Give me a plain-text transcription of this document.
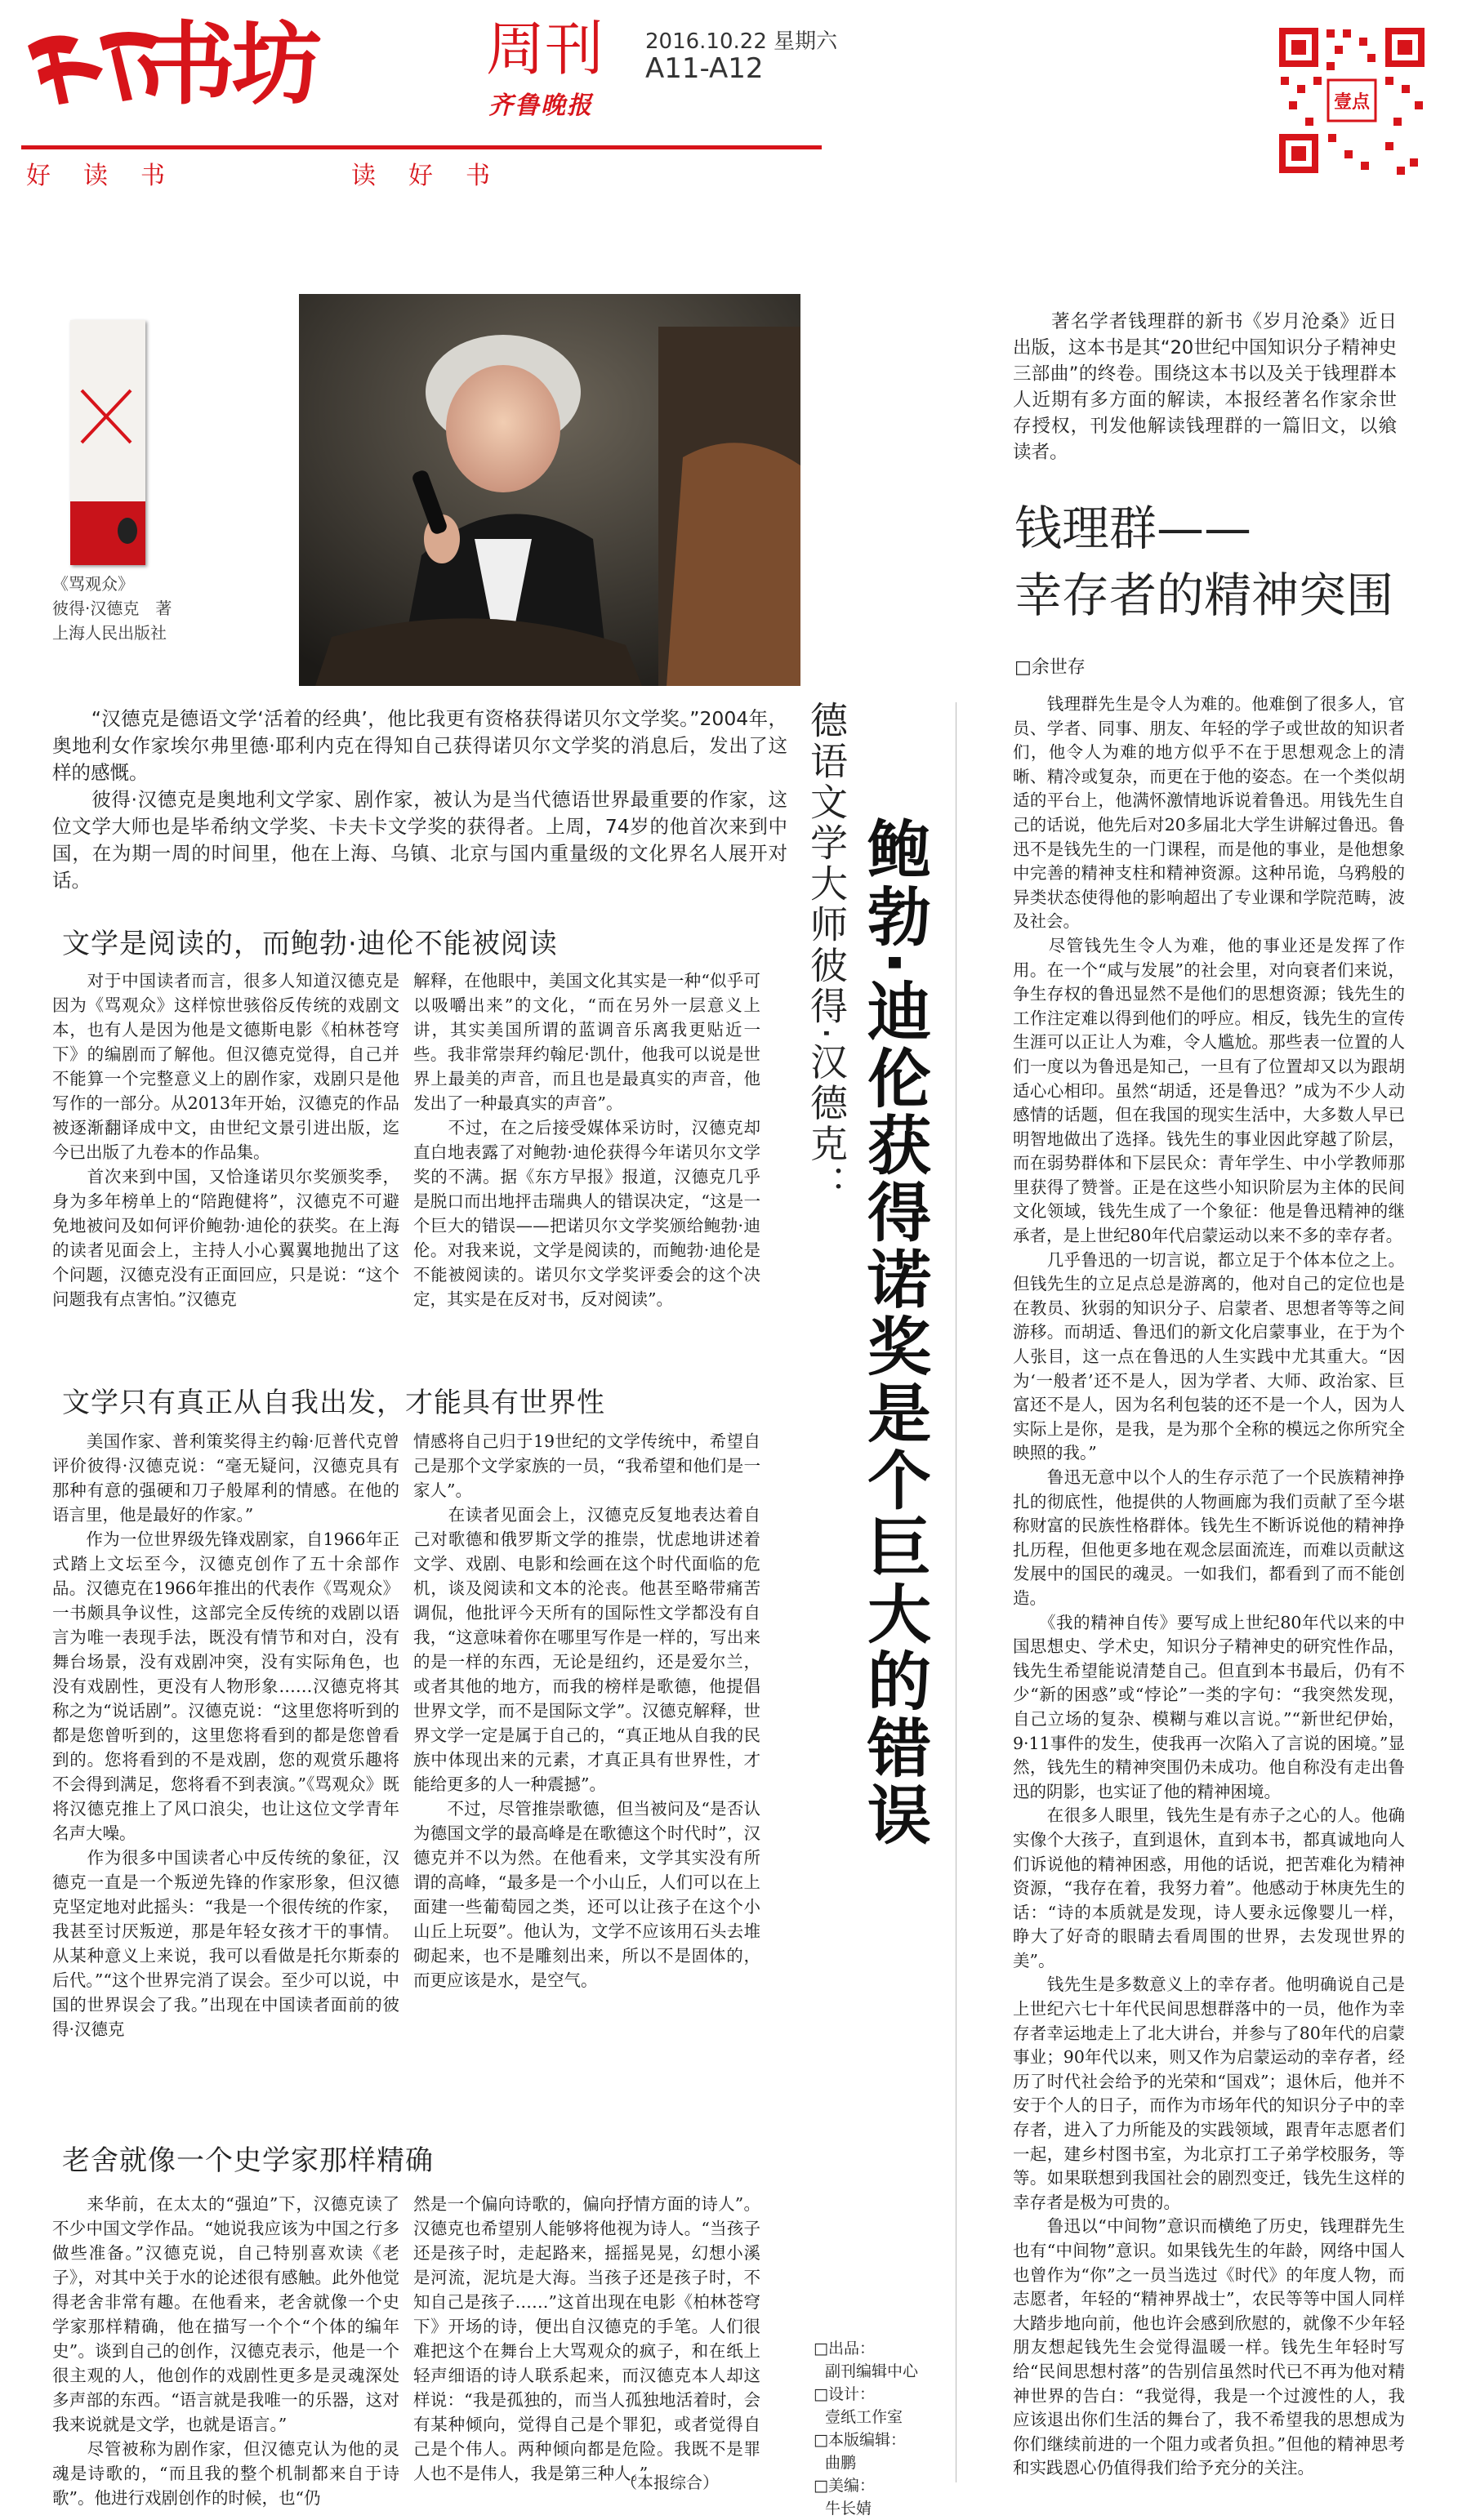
书坊	周刊
齐鲁晚报
2016.10.22 星期六
A11-A12
好读书	读好书
壹点
《骂观众》
彼得·汉德克　著
上海人民出版社
　　“汉德克是德语文学‘活着的经典’，他比我更有资格获得诺贝尔文学奖。”2004年，奥地利女作家埃尔弗里德·耶利内克在得知自己获得诺贝尔文学奖的消息后，发出了这样的感慨。
　　彼得·汉德克是奥地利文学家、剧作家，被认为是当代德语世界最重要的作家，这位文学大师也是毕希纳文学奖、卡夫卡文学奖的获得者。上周，74岁的他首次来到中国，在为期一周的时间里，他在上海、乌镇、北京与国内重量级的文化界名人展开对话。	德语文学大师彼得·汉德克： 鲍勃·迪伦获得诺奖是个巨大的错误
文学是阅读的，而鲍勃·迪伦不能被阅读
　　对于中国读者而言，很多人知道汉德克是因为《骂观众》这样惊世骇俗反传统的戏剧文本，也有人是因为他是文德斯电影《柏林苍穹下》的编剧而了解他。但汉德克觉得，自己并不能算一个完整意义上的剧作家，戏剧只是他写作的一部分。从2013年开始，汉德克的作品被逐渐翻译成中文，由世纪文景引进出版，迄今已出版了九卷本的作品集。
　　首次来到中国，又恰逢诺贝尔奖颁奖季，身为多年榜单上的“陪跑健将”，汉德克不可避免地被问及如何评价鲍勃·迪伦的获奖。在上海的读者见面会上，主持人小心翼翼地抛出了这个问题，汉德克没有正面回应，只是说：“这个问题我有点害怕。”汉德克
解释，在他眼中，美国文化其实是一种“似乎可以吸嚼出来”的文化，“而在另外一层意义上讲，其实美国所谓的蓝调音乐离我更贴近一些。我非常崇拜约翰尼·凯什，他我可以说是世界上最美的声音，而且也是最真实的声音，他发出了一种最真实的声音”。
　　不过，在之后接受媒体采访时，汉德克却直白地表露了对鲍勃·迪伦获得今年诺贝尔文学奖的不满。据《东方早报》报道，汉德克几乎是脱口而出地抨击瑞典人的错误决定，“这是一个巨大的错误——把诺贝尔文学奖颁给鲍勃·迪伦。对我来说，文学是阅读的，而鲍勃·迪伦是不能被阅读的。诺贝尔文学奖评委会的这个决定，其实是在反对书，反对阅读”。
文学只有真正从自我出发，才能具有世界性
　　美国作家、普利策奖得主约翰·厄普代克曾评价彼得·汉德克说：“毫无疑问，汉德克具有那种有意的强硬和刀子般犀利的情感。在他的语言里，他是最好的作家。”
　　作为一位世界级先锋戏剧家，自1966年正式踏上文坛至今，汉德克创作了五十余部作品。汉德克在1966年推出的代表作《骂观众》一书颇具争议性，这部完全反传统的戏剧以语言为唯一表现手法，既没有情节和对白，没有舞台场景，没有戏剧冲突，没有实际角色，也没有戏剧性，更没有人物形象……汉德克将其称之为“说话剧”。汉德克说：“这里您将听到的都是您曾听到的，这里您将看到的都是您曾看到的。您将看到的不是戏剧，您的观赏乐趣将不会得到满足，您将看不到表演。”《骂观众》既将汉德克推上了风口浪尖，也让这位文学青年名声大噪。
　　作为很多中国读者心中反传统的象征，汉德克一直是一个叛逆先锋的作家形象，但汉德克坚定地对此摇头：“我是一个很传统的作家，我甚至讨厌叛逆，那是年轻女孩才干的事情。从某种意义上来说，我可以看做是托尔斯泰的后代。”“这个世界完消了误会。至少可以说，中国的世界误会了我。”出现在中国读者面前的彼得·汉德克
情感将自己归于19世纪的文学传统中，希望自己是那个文学家族的一员，“我希望和他们是一家人”。
　　在读者见面会上，汉德克反复地表达着自己对歌德和俄罗斯文学的推崇，忧虑地讲述着文学、戏剧、电影和绘画在这个时代面临的危机，谈及阅读和文本的沦丧。他甚至略带痛苦调侃，他批评今天所有的国际性文学都没有自我，“这意味着你在哪里写作是一样的，写出来的是一样的东西，无论是纽约，还是爱尔兰，或者其他的地方，而我的榜样是歌德，他提倡世界文学，而不是国际文学”。汉德克解释，世界文学一定是属于自己的，“真正地从自我的民族中体现出来的元素，才真正具有世界性，才能给更多的人一种震撼”。
　　不过，尽管推崇歌德，但当被问及“是否认为德国文学的最高峰是在歌德这个时代时”，汉德克并不以为然。在他看来，文学其实没有所谓的高峰，“最多是一个小山丘，人们可以在上面建一些葡萄园之类，还可以让孩子在这个小山丘上玩耍”。他认为，文学不应该用石头去堆砌起来，也不是雕刻出来，所以不是固体的，而更应该是水，是空气。
老舍就像一个史学家那样精确
　　来华前，在太太的“强迫”下，汉德克读了不少中国文学作品。“她说我应该为中国之行多做些准备。”汉德克说，自己特别喜欢读《老子》，对其中关于水的论述很有感触。此外他觉得老舍非常有趣。在他看来，老舍就像一个史学家那样精确，他在描写一个个“个体的编年史”。谈到自己的创作，汉德克表示，他是一个很主观的人，他创作的戏剧性更多是灵魂深处多声部的东西。“语言就是我唯一的乐器，这对我来说就是文学，也就是语言。”
　　尽管被称为剧作家，但汉德克认为他的灵魂是诗歌的，“而且我的整个机制都来自于诗歌”。他进行戏剧创作的时候，也“仍
然是一个偏向诗歌的，偏向抒情方面的诗人”。汉德克也希望别人能够将他视为诗人。“当孩子还是孩子时，走起路来，摇摇晃晃，幻想小溪是河流，泥坑是大海。当孩子还是孩子时，不知自己是孩子……”这首出现在电影《柏林苍穹下》开场的诗，便出自汉德克的手笔。人们很难把这个在舞台上大骂观众的疯子，和在纸上轻声细语的诗人联系起来，而汉德克本人却这样说：“我是孤独的，而当人孤独地活着时，会有某种倾向，觉得自己是个罪犯，或者觉得自己是个伟人。两种倾向都是危险。我既不是罪人也不是伟人，我是第三种人。”
（本报综合）
□出品：
副刊编辑中心
□设计：
壹纸工作室
□本版编辑：
曲鹏
□美编：
牛长婧
　　著名学者钱理群的新书《岁月沧桑》近日出版，这本书是其“20世纪中国知识分子精神史三部曲”的终卷。围绕这本书以及关于钱理群本人近期有多方面的解读，本报经著名作家余世存授权，刊发他解读钱理群的一篇旧文，以飨读者。
钱理群——
幸存者的精神突围
□余世存
　　钱理群先生是令人为难的。他难倒了很多人，官员、学者、同事、朋友、年轻的学子或世故的知识者们，他令人为难的地方似乎不在于思想观念上的清晰、精冷或复杂，而更在于他的姿态。在一个类似胡适的平台上，他满怀激情地诉说着鲁迅。用钱先生自己的话说，他先后对20多届北大学生讲解过鲁迅。鲁迅不是钱先生的一门课程，而是他的事业，是他想象中完善的精神支柱和精神资源。这种吊诡，乌鸦般的异类状态使得他的影响超出了专业课和学院范畴，波及社会。
　　尽管钱先生令人为难，他的事业还是发挥了作用。在一个“咸与发展”的社会里，对向衰者们来说，争生存权的鲁迅显然不是他们的思想资源；钱先生的工作注定难以得到他们的呼应。相反，钱先生的宣传生涯可以正让人为难，令人尴尬。那些表一位置的人们一度以为鲁迅是知己，一旦有了位置却又以为跟胡适心心相印。虽然“胡适，还是鲁迅？”成为不少人动感情的话题，但在我国的现实生活中，大多数人早已明智地做出了选择。钱先生的事业因此穿越了阶层，而在弱势群体和下层民众：青年学生、中小学教师那里获得了赞誉。正是在这些小知识阶层为主体的民间文化领域，钱先生成了一个象征：他是鲁迅精神的继承者，是上世纪80年代启蒙运动以来不多的幸存者。
　　几乎鲁迅的一切言说，都立足于个体本位之上。但钱先生的立足点总是游离的，他对自己的定位也是在教员、狄弱的知识分子、启蒙者、思想者等等之间游移。而胡适、鲁迅们的新文化启蒙事业，在于为个人张目，这一点在鲁迅的人生实践中尤其重大。“因为‘一般者’还不是人，因为学者、大师、政治家、巨富还不是人，因为名利包装的还不是一个人，因为人实际上是你，是我，是为那个全称的模远之你所究全映照的我。”
　　鲁迅无意中以个人的生存示范了一个民族精神挣扎的彻底性，他提供的人物画廊为我们贡献了至今堪称财富的民族性格群体。钱先生不断诉说他的精神挣扎历程，但他更多地在观念层面流连，而难以贡献这发展中的国民的魂灵。一如我们，都看到了而不能创造。
　　《我的精神自传》要写成上世纪80年代以来的中国思想史、学术史，知识分子精神史的研究性作品，钱先生希望能说清楚自己。但直到本书最后，仍有不少“新的困惑”或“悖论”一类的字句：“我突然发现，自己立场的复杂、模糊与难以言说。”“新世纪伊始，9·11事件的发生，使我再一次陷入了言说的困境。”显然，钱先生的精神突围仍未成功。他自称没有走出鲁迅的阴影，也实证了他的精神困境。
　　在很多人眼里，钱先生是有赤子之心的人。他确实像个大孩子，直到退休，直到本书，都真诚地向人们诉说他的精神困惑，用他的话说，把苦难化为精神资源，“我存在着，我努力着”。他感动于林庚先生的话：“诗的本质就是发现，诗人要永远像婴儿一样，睁大了好奇的眼睛去看周围的世界，去发现世界的美”。
　　钱先生是多数意义上的幸存者。他明确说自己是上世纪六七十年代民间思想群落中的一员，他作为幸存者幸运地走上了北大讲台，并参与了80年代的启蒙事业；90年代以来，则又作为启蒙运动的幸存者，经历了时代社会给予的光荣和“国戏”；退休后，他并不安于个人的日子，而作为市场年代的知识分子中的幸存者，进入了力所能及的实践领域，跟青年志愿者们一起，建乡村图书室，为北京打工子弟学校服务，等等。如果联想到我国社会的剧烈变迁，钱先生这样的幸存者是极为可贵的。
　　鲁迅以“中间物”意识而横绝了历史，钱理群先生也有“中间物”意识。如果钱先生的年龄，网络中国人也曾作为“你”之一员当选过《时代》的年度人物，而志愿者，年轻的“精神界战士”，农民等等中国人同样大踏步地向前，他也许会感到欣慰的，就像不少年轻朋友想起钱先生会觉得温暖一样。钱先生年轻时写给“民间思想村落”的告别信虽然时代已不再为他对精神世界的告白：“我觉得，我是一个过渡性的人，我应该退出你们生活的舞台了，我不希望我的思想成为你们继续前进的一个阻力或者负担。”但他的精神思考和实践恩心仍值得我们给予充分的关注。
